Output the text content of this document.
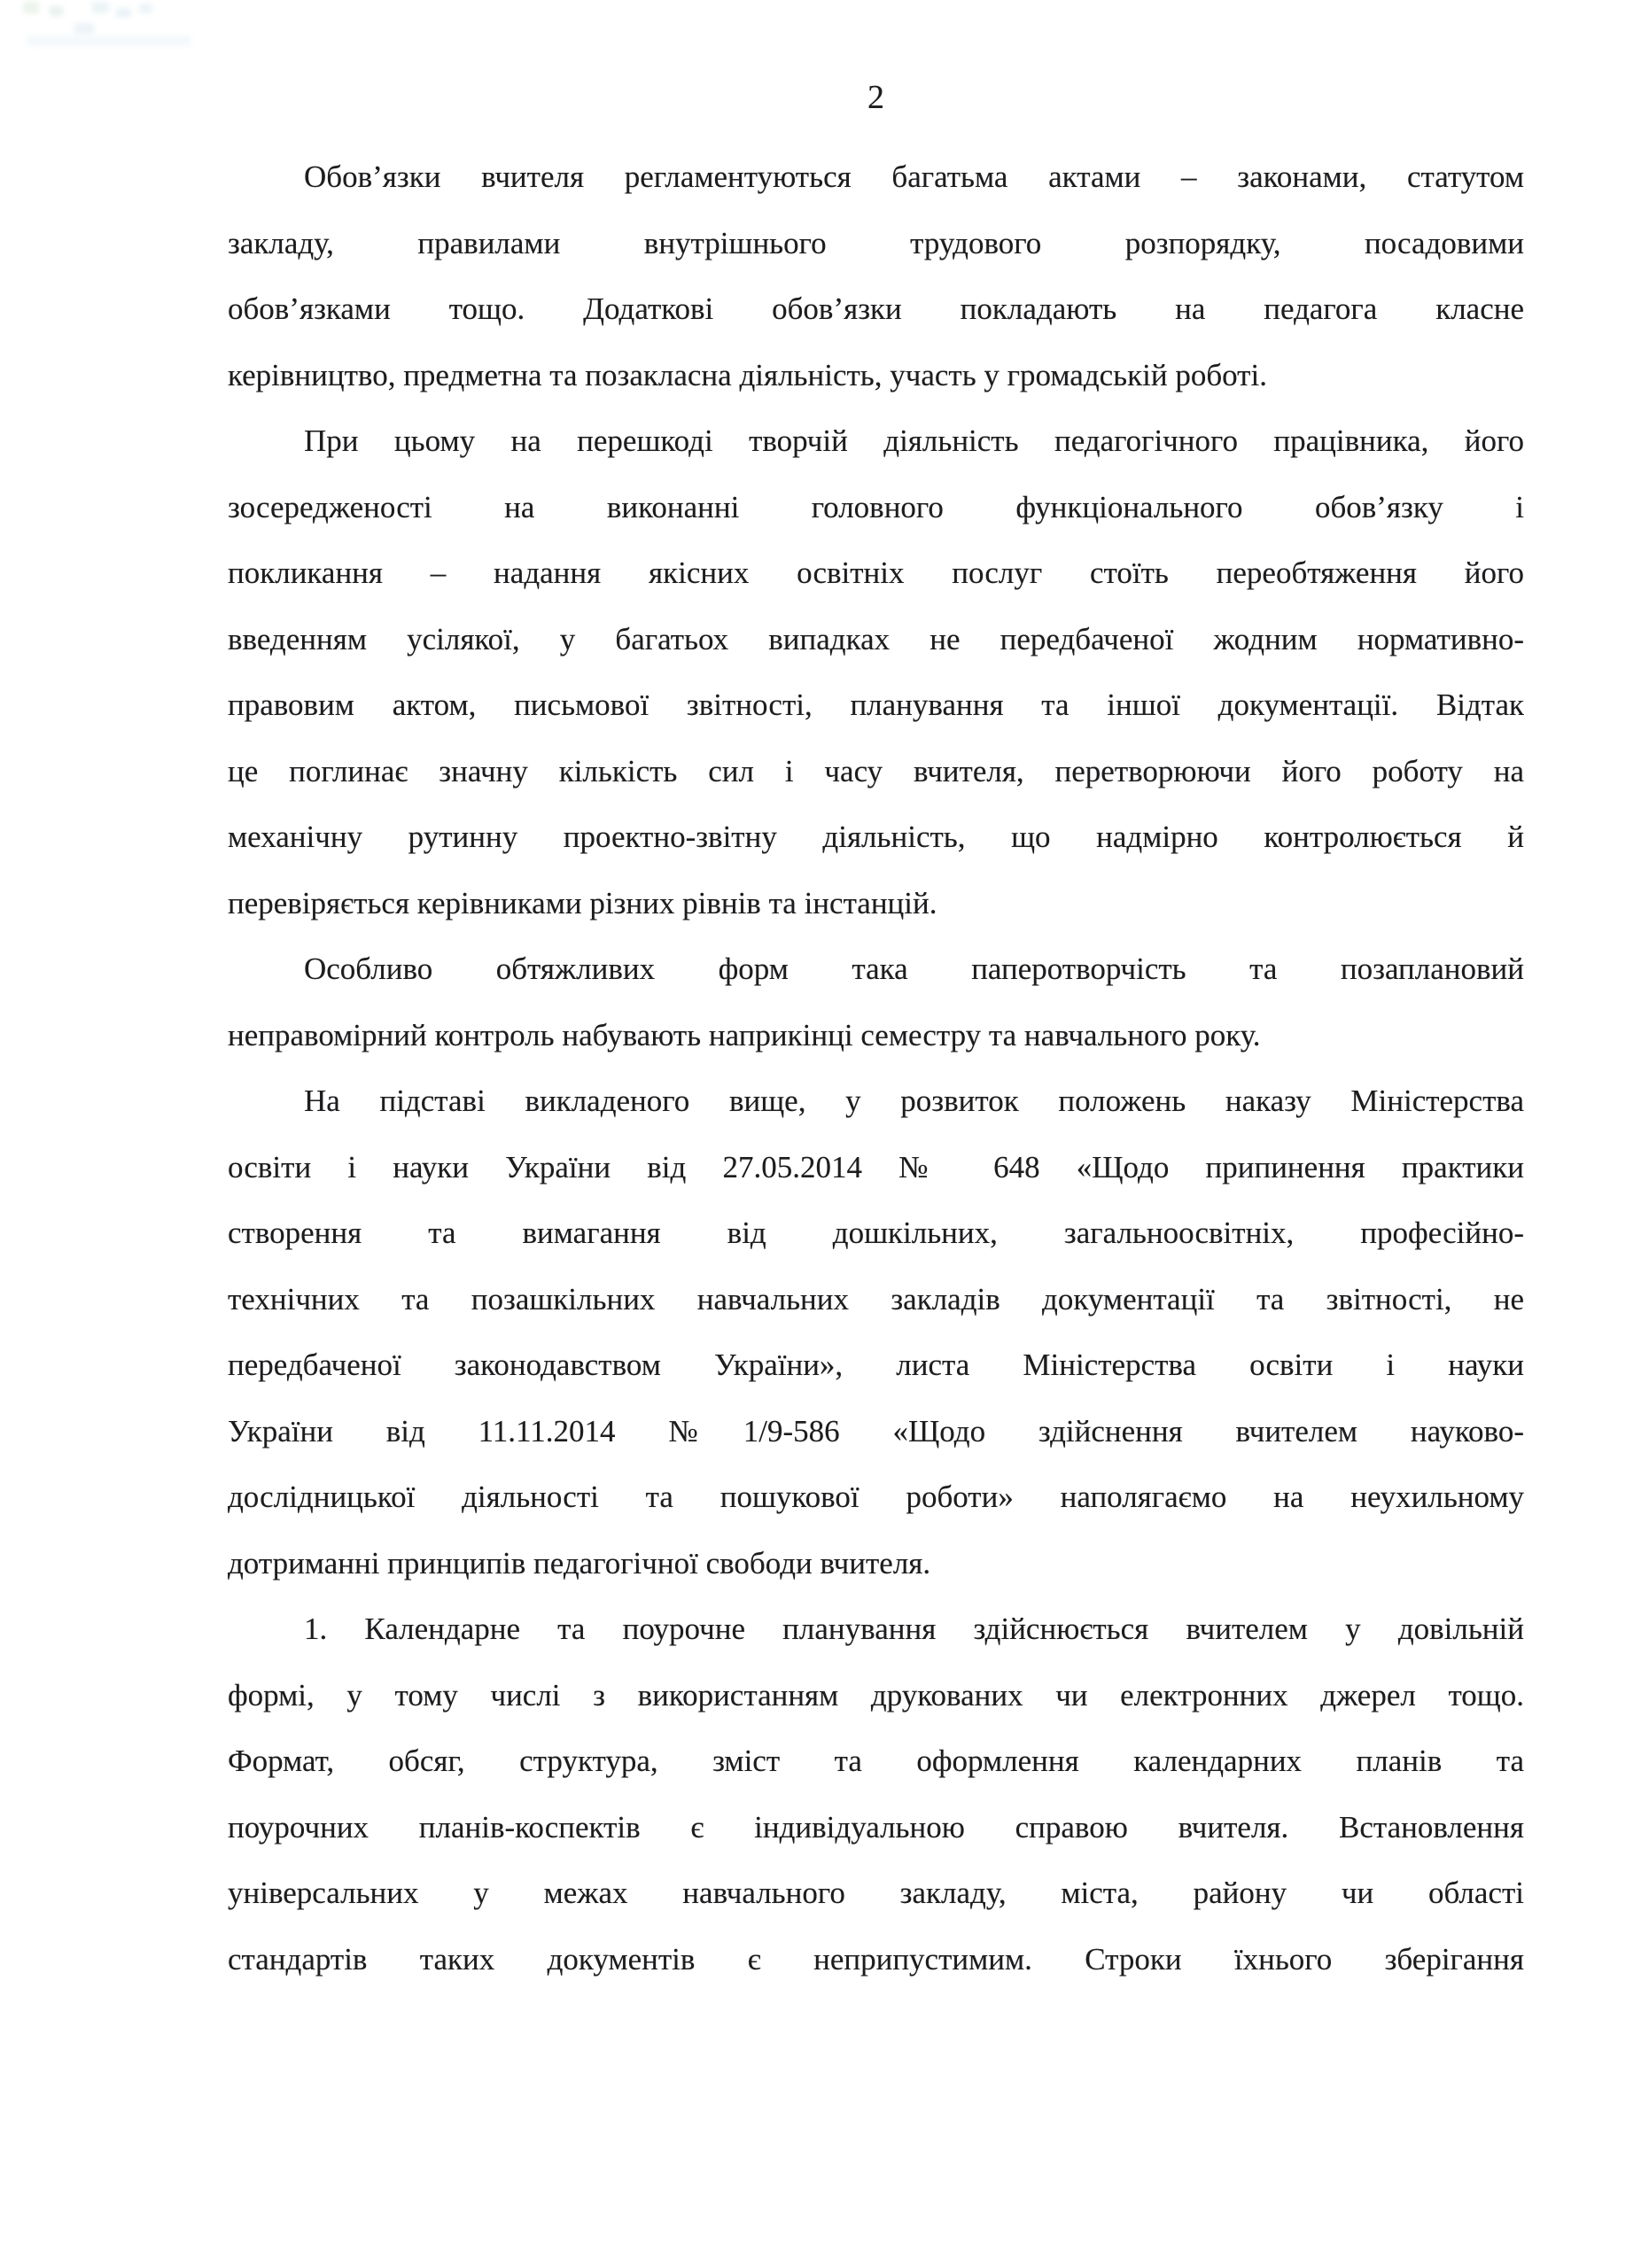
2
Обов’язки вчителя регламентуються багатьма актами – законами, статутом
закладу, правилами внутрішнього трудового розпорядку, посадовими
обов’язками тощо. Додаткові обов’язки покладають на педагога класне
керівництво, предметна та позакласна діяльність, участь у громадській роботі.
При цьому на перешкоді творчій діяльність педагогічного працівника, його
зосередженості на виконанні головного функціонального обов’язку і
покликання – надання якісних освітніх послуг стоїть переобтяження його
введенням усілякої, у багатьох випадках не передбаченої жодним нормативно-
правовим актом, письмової звітності, планування та іншої документації. Відтак
це поглинає значну кількість сил і часу вчителя, перетворюючи його роботу на
механічну рутинну проектно-звітну діяльність, що надмірно контролюється й
перевіряється керівниками різних рівнів та інстанцій.
Особливо обтяжливих форм така паперотворчість та позаплановий
неправомірний контроль набувають наприкінці семестру та навчального року.
На підставі викладеного вище, у розвиток положень наказу Міністерства
освіти і науки України від 27.05.2014 № 648 «Щодо припинення практики
створення та вимагання від дошкільних, загальноосвітніх, професійно-
технічних та позашкільних навчальних закладів документації та звітності, не
передбаченої законодавством України», листа Міністерства освіти і науки
України від 11.11.2014 №1/9-586 «Щодо здійснення вчителем науково-
дослідницької діяльності та пошукової роботи» наполягаємо на неухильному
дотриманні принципів педагогічної свободи вчителя.
1. Календарне та поурочне планування здійснюється вчителем у довільній
формі, у тому числі з використанням друкованих чи електронних джерел тощо.
Формат, обсяг, структура, зміст та оформлення календарних планів та
поурочних планів-коспектів є індивідуальною справою вчителя. Встановлення
універсальних у межах навчального закладу, міста, району чи області
стандартів таких документів є неприпустимим. Строки їхнього зберігання
